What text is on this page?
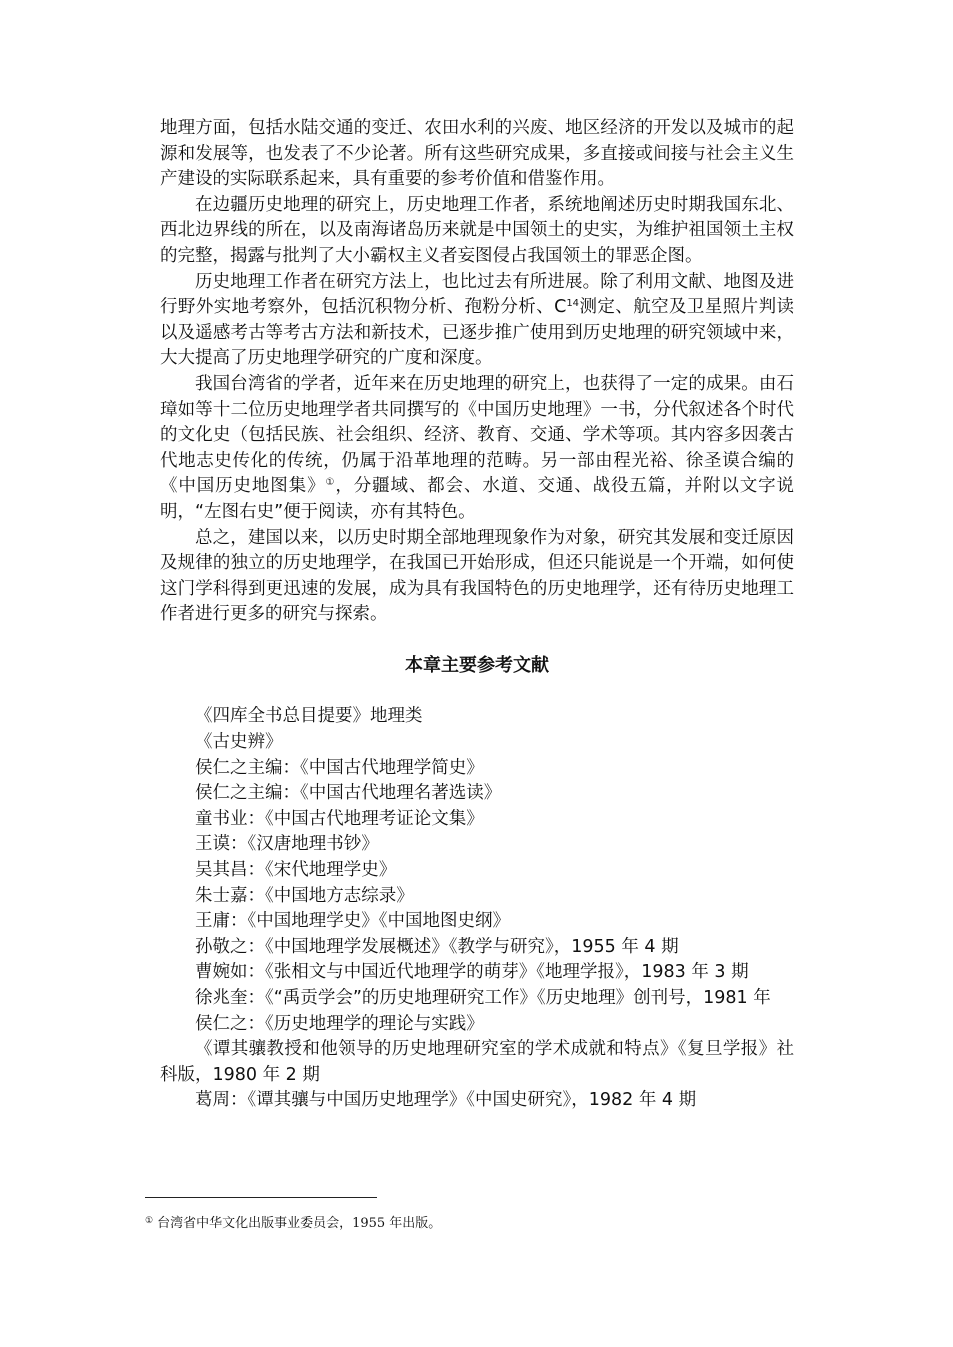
地理方面，包括水陆交通的变迁、农田水利的兴废、地区经济的开发以及城市的起源和发展等，也发表了不少论著。所有这些研究成果，多直接或间接与社会主义生产建设的实际联系起来，具有重要的参考价值和借鉴作用。

在边疆历史地理的研究上，历史地理工作者，系统地阐述历史时期我国东北、西北边界线的所在，以及南海诸岛历来就是中国领土的史实，为维护祖国领土主权的完整，揭露与批判了大小霸权主义者妄图侵占我国领土的罪恶企图。

历史地理工作者在研究方法上，也比过去有所进展。除了利用文献、地图及进行野外实地考察外，包括沉积物分析、孢粉分析、$C^{14}$测定、航空及卫星照片判读以及遥感考古等考古方法和新技术，已逐步推广使用到历史地理的研究领域中来，大大提高了历史地理学研究的广度和深度。

我国台湾省的学者，近年来在历史地理的研究上，也获得了一定的成果。由石璋如等十二位历史地理学者共同撰写的《中国历史地理》一书，分代叙述各个时代的文化史（包括民族、社会组织、经济、教育、交通、学术等项。其内容多因袭古代地志史传化的传统，仍属于沿革地理的范畴。另一部由程光裕、徐圣谟合编的《中国历史地图集》①，分疆域、都会、水道、交通、战役五篇，并附以文字说明，“左图右史”便于阅读，亦有其特色。

总之，建国以来，以历史时期全部地理现象作为对象，研究其发展和变迁原因及规律的独立的历史地理学，在我国已开始形成，但还只能说是一个开端，如何使这门学科得到更迅速的发展，成为具有我国特色的历史地理学，还有待历史地理工作者进行更多的研究与探索。

本章主要参考文献

《四库全书总目提要》地理类

《古史辨》

侯仁之主编：《中国古代地理学简史》

侯仁之主编：《中国古代地理名著选读》

童书业：《中国古代地理考证论文集》

王谟：《汉唐地理书钞》

吴其昌：《宋代地理学史》

朱士嘉：《中国地方志综录》

王庸：《中国地理学史》《中国地图史纲》

孙敬之：《中国地理学发展概述》《教学与研究》，1955 年 4 期

曹婉如：《张相文与中国近代地理学的萌芽》《地理学报》，1983 年 3 期

徐兆奎：《“禹贡学会”的历史地理研究工作》《历史地理》创刊号，1981 年

侯仁之：《历史地理学的理论与实践》

《谭其骧教授和他领导的历史地理研究室的学术成就和特点》《复旦学报》社科版，1980 年 2 期

葛周：《谭其骧与中国历史地理学》《中国史研究》，1982 年 4 期

① 台湾省中华文化出版事业委员会，1955 年出版。
